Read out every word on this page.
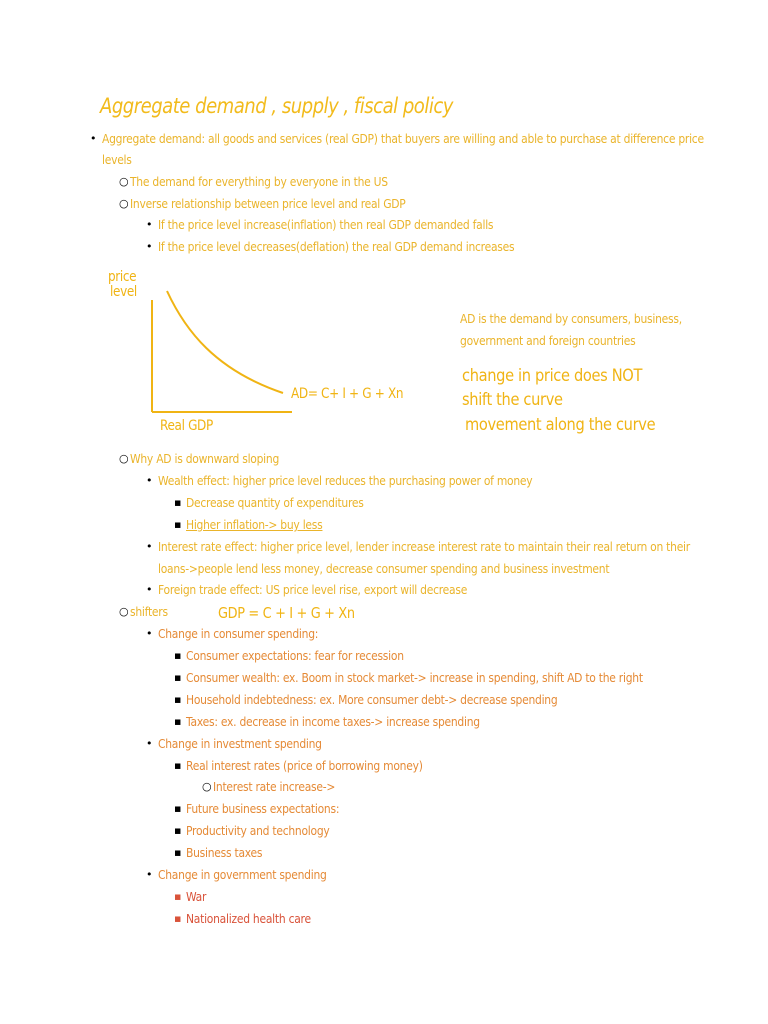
Aggregate demand , supply , fiscal policy
• Aggregate demand: all goods and services (real GDP) that buyers are willing and able to purchase at difference price
levels
○ The demand for everything by everyone in the US
○ Inverse relationship between price level and real GDP
• If the price level increase(inflation) then real GDP demanded falls
• If the price level decreases(deflation) the real GDP demand increases
price
level
Real GDP
AD= C+ I + G + Xn
AD is the demand by consumers, business,
government and foreign countries
change in price does NOT
shift the curve
movement along the curve
○ Why AD is downward sloping
• Wealth effect: higher price level reduces the purchasing power of money
▪ Decrease quantity of expenditures
▪ Higher inflation-> buy less
• Interest rate effect: higher price level, lender increase interest rate to maintain their real return on their
loans->people lend less money, decrease consumer spending and business investment
• Foreign trade effect: US price level rise, export will decrease
○ shifters	GDP = C + I + G + Xn
• Change in consumer spending:
▪ Consumer expectations: fear for recession
▪ Consumer wealth: ex. Boom in stock market-> increase in spending, shift AD to the right
▪ Household indebtedness: ex. More consumer debt-> decrease spending
▪ Taxes: ex. decrease in income taxes-> increase spending
• Change in investment spending
▪ Real interest rates (price of borrowing money)
○ Interest rate increase->
▪ Future business expectations:
▪ Productivity and technology
▪ Business taxes
• Change in government spending
▪ War
▪ Nationalized health care
